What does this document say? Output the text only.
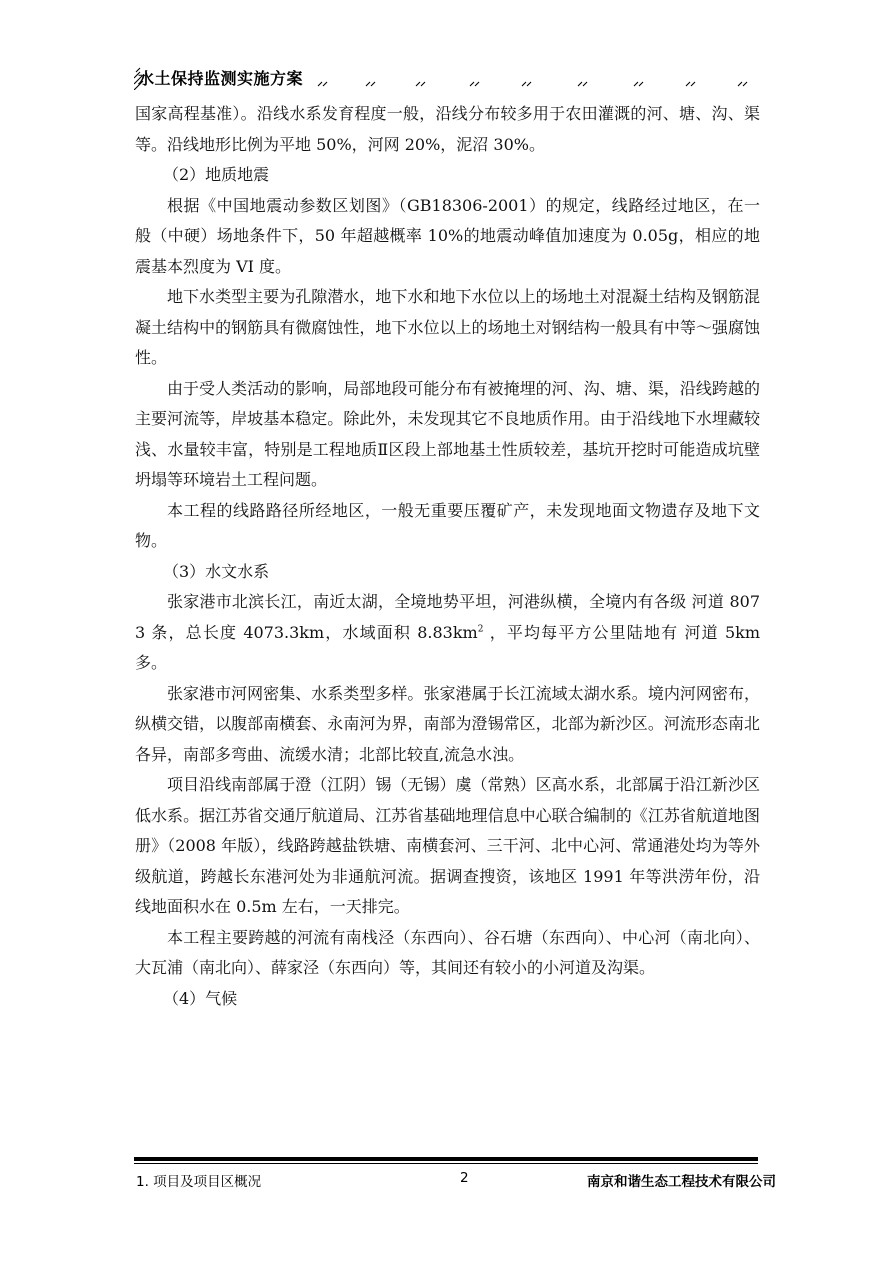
水土保持监测实施方案

国家高程基准）。沿线水系发育程度一般，沿线分布较多用于农田灌溉的河、塘、沟、渠等。沿线地形比例为平地 50%，河网 20%，泥沼 30%。

（2）地质地震

根据《中国地震动参数区划图》（GB18306-2001）的规定，线路经过地区，在一般（中硬）场地条件下，50 年超越概率 10%的地震动峰值加速度为 0.05g，相应的地震基本烈度为 VI 度。

地下水类型主要为孔隙潜水，地下水和地下水位以上的场地土对混凝土结构及钢筋混凝土结构中的钢筋具有微腐蚀性，地下水位以上的场地土对钢结构一般具有中等～强腐蚀性。

由于受人类活动的影响，局部地段可能分布有被掩埋的河、沟、塘、渠，沿线跨越的主要河流等，岸坡基本稳定。除此外，未发现其它不良地质作用。由于沿线地下水埋藏较浅、水量较丰富，特别是工程地质Ⅱ区段上部地基土性质较差，基坑开挖时可能造成坑壁坍塌等环境岩土工程问题。

本工程的线路路径所经地区，一般无重要压覆矿产，未发现地面文物遗存及地下文物。

（3）水文水系

张家港市北滨长江，南近太湖，全境地势平坦，河港纵横，全境内有各级 河道 8073 条，总长度 4073.3km，水域面积 $8.83km^2$ ，平均每平方公里陆地有 河道 5km 多。

张家港市河网密集、水系类型多样。张家港属于长江流域太湖水系。境内河网密布，纵横交错，以腹部南横套、永南河为界，南部为澄锡常区，北部为新沙区。河流形态南北各异，南部多弯曲、流缓水清；北部比较直,流急水浊。

项目沿线南部属于澄（江阴）锡（无锡）虞（常熟）区高水系，北部属于沿江新沙区低水系。据江苏省交通厅航道局、江苏省基础地理信息中心联合编制的《江苏省航道地图册》（2008 年版），线路跨越盐铁塘、南横套河、三干河、北中心河、常通港处均为等外级航道，跨越长东港河处为非通航河流。据调查搜资，该地区 1991 年等洪涝年份，沿线地面积水在 0.5m 左右，一天排完。

本工程主要跨越的河流有南栈泾（东西向）、谷石塘（东西向）、中心河（南北向）、大瓦浦（南北向）、薛家泾（东西向）等，其间还有较小的小河道及沟渠。

（4）气候

1. 项目及项目区概况	2	南京和谐生态工程技术有限公司
